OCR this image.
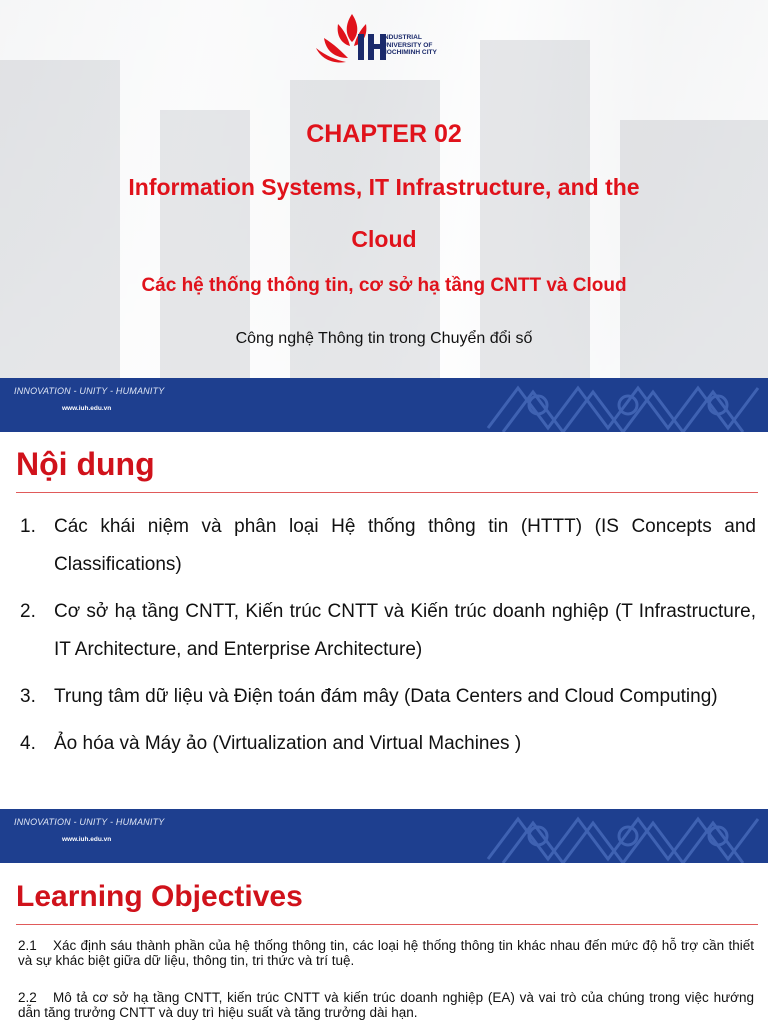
INDUSTRIAL
UNIVERSITY OF
HOCHIMINH CITY
CHAPTER 02
Information Systems, IT Infrastructure, and the
Cloud
Các hệ thống thông tin, cơ sở hạ tầng CNTT và Cloud
Công nghệ Thông tin trong Chuyển đổi số
INNOVATION - UNITY - HUMANITY
www.iuh.edu.vn
Nội dung
1. Các khái niệm và phân loại Hệ thống thông tin (HTTT) (IS Concepts and Classifications)
2. Cơ sở hạ tầng CNTT, Kiến trúc CNTT và Kiến trúc doanh nghiệp (T Infrastructure, IT Architecture, and Enterprise Architecture)
3. Trung tâm dữ liệu và Điện toán đám mây (Data Centers and Cloud Computing)
4. Ảo hóa và Máy ảo (Virtualization and Virtual Machines )
INNOVATION - UNITY - HUMANITY
www.iuh.edu.vn
Learning Objectives
2.1 Xác định sáu thành phần của hệ thống thông tin, các loại hệ thống thông tin khác nhau đến mức độ hỗ trợ cần thiết và sự khác biệt giữa dữ liệu, thông tin, tri thức và trí tuệ.
2.2 Mô tả cơ sở hạ tầng CNTT, kiến trúc CNTT và kiến trúc doanh nghiệp (EA) và vai trò của chúng trong việc hướng dẫn tăng trưởng CNTT và duy trì hiệu suất và tăng trưởng dài hạn.
